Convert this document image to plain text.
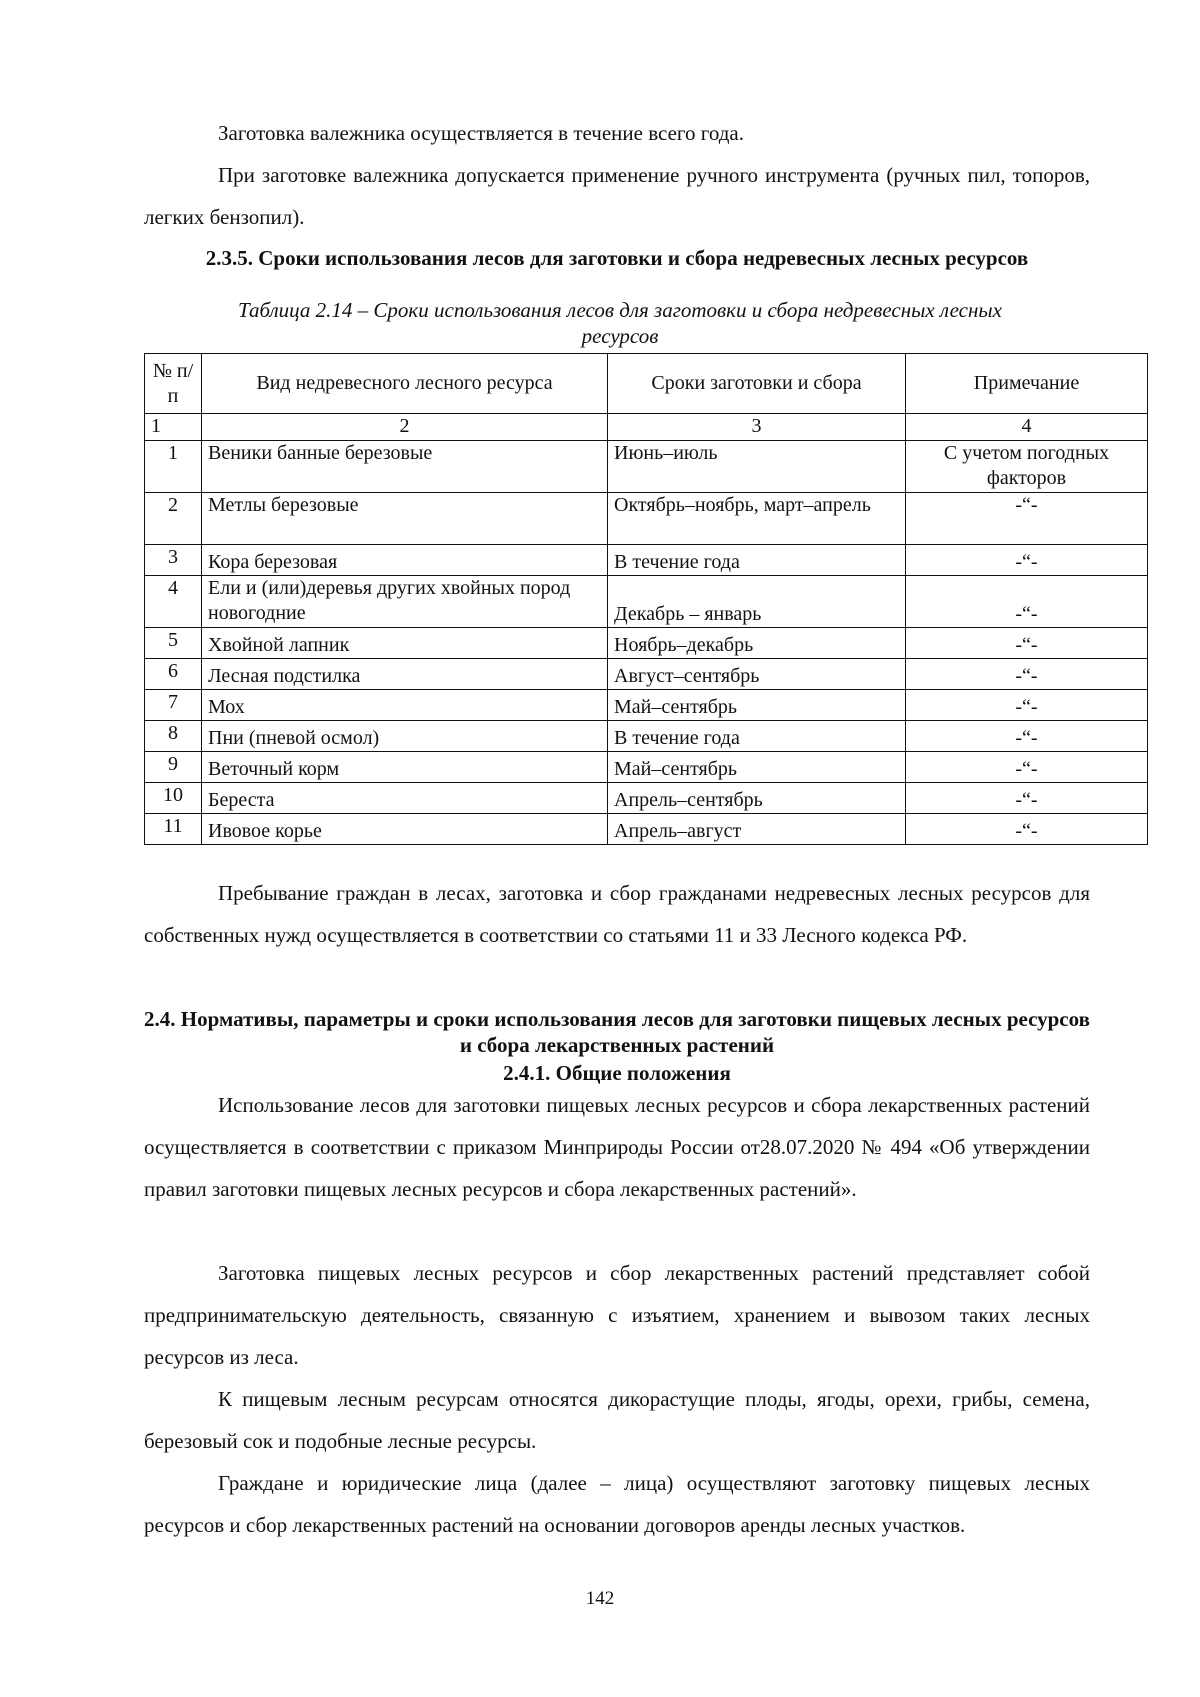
Заготовка валежника осуществляется в течение всего года.

При заготовке валежника допускается применение ручного инструмента (ручных пил, топоров, легких бензопил).

2.3.5. Сроки использования лесов для заготовки и сбора недревесных лесных ресурсов

Таблица 2.14 – Сроки использования лесов для заготовки и сбора недревесных лесных ресурсов

№ п/п	Вид недревесного лесного ресурса	Сроки заготовки и сбора	Примечание
1	2	3	4
1	Веники банные березовые	Июнь–июль	С учетом погодных факторов
2	Метлы березовые	Октябрь–ноябрь, март–апрель	-“-
3	Кора березовая	В течение года	-“-
4	Ели и (или)деревья других хвойных пород новогодние	Декабрь – январь	-“-
5	Хвойной лапник	Ноябрь–декабрь	-“-
6	Лесная подстилка	Август–сентябрь	-“-
7	Мох	Май–сентябрь	-“-
8	Пни (пневой осмол)	В течение года	-“-
9	Веточный корм	Май–сентябрь	-“-
10	Береста	Апрель–сентябрь	-“-
11	Ивовое корье	Апрель–август	-“-

Пребывание граждан в лесах, заготовка и сбор гражданами недревесных лесных ресурсов для собственных нужд осуществляется в соответствии со статьями 11 и 33 Лесного кодекса РФ.

2.4. Нормативы, параметры и сроки использования лесов для заготовки пищевых лесных ресурсов и сбора лекарственных растений

2.4.1. Общие положения

Использование лесов для заготовки пищевых лесных ресурсов и сбора лекарственных растений осуществляется в соответствии с приказом Минприроды России от28.07.2020 № 494 «Об утверждении правил заготовки пищевых лесных ресурсов и сбора лекарственных растений».

Заготовка пищевых лесных ресурсов и сбор лекарственных растений представляет собой предпринимательскую деятельность, связанную с изъятием, хранением и вывозом таких лесных ресурсов из леса.

К пищевым лесным ресурсам относятся дикорастущие плоды, ягоды, орехи, грибы, семена, березовый сок и подобные лесные ресурсы.

Граждане и юридические лица (далее – лица) осуществляют заготовку пищевых лесных ресурсов и сбор лекарственных растений на основании договоров аренды лесных участков.

142
